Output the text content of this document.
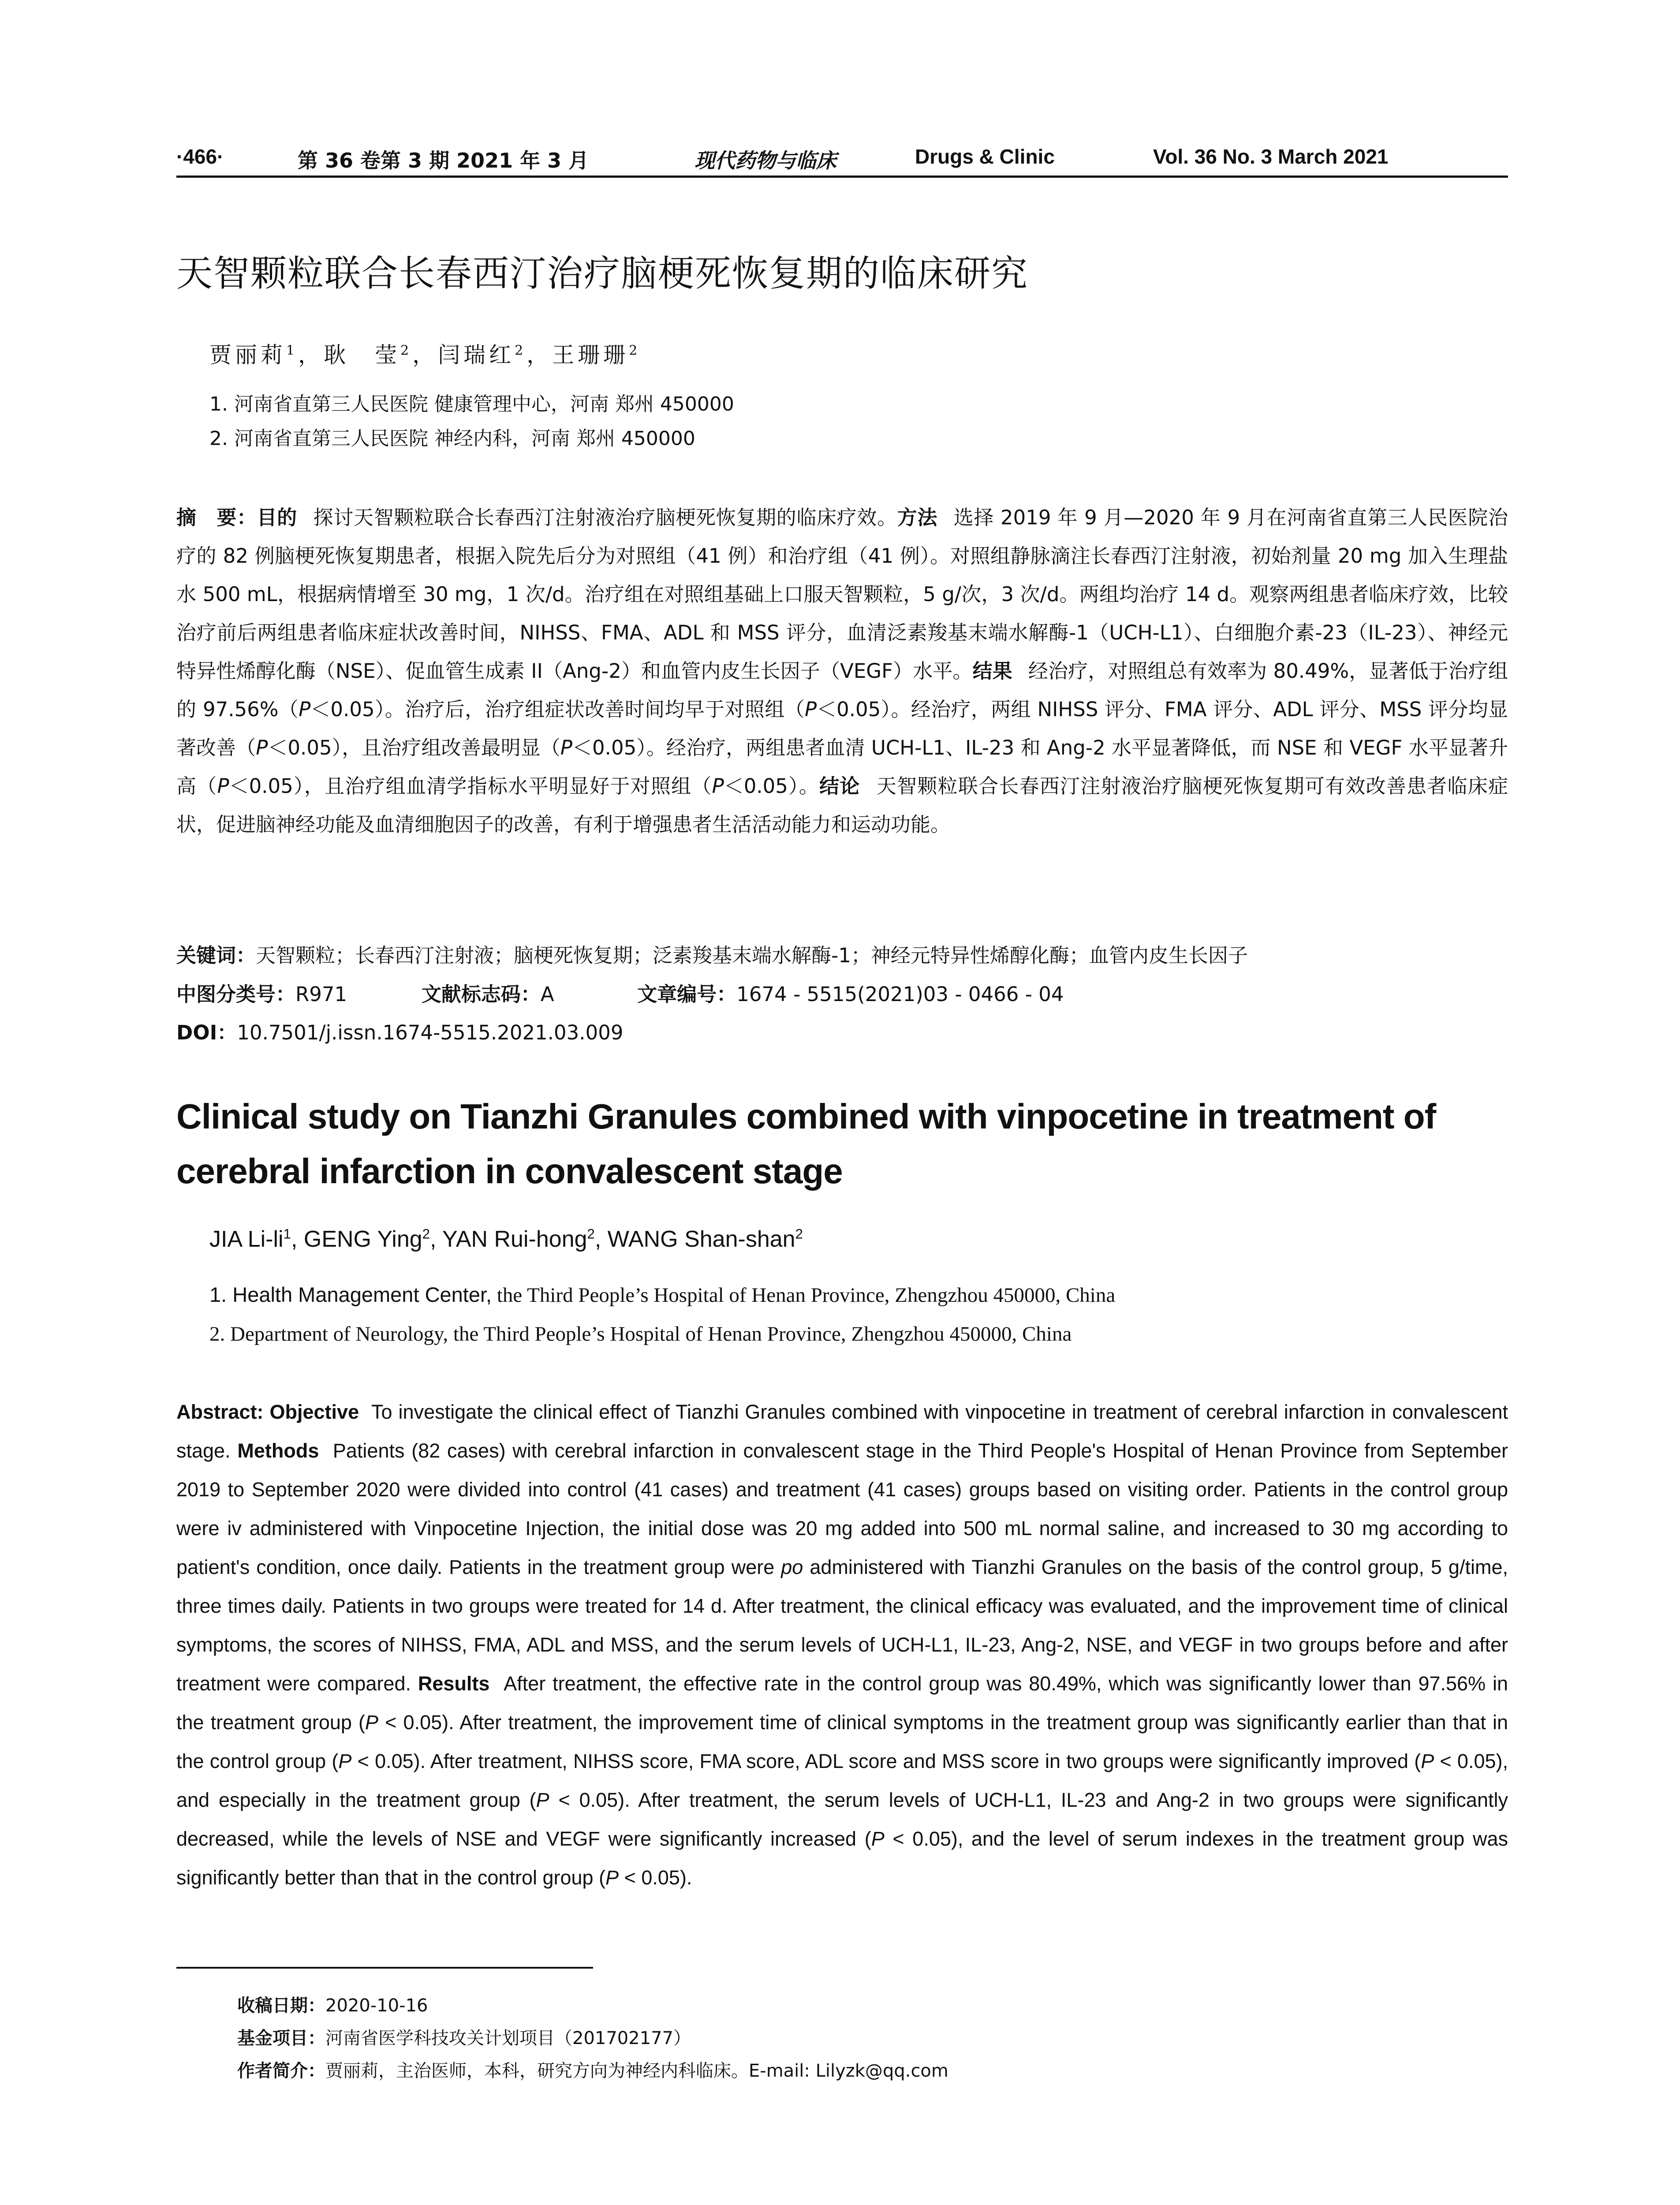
·466·	第 36 卷第 3 期 2021 年 3 月	现代药物与临床	Drugs & Clinic	Vol. 36 No. 3 March 2021
天智颗粒联合长春西汀治疗脑梗死恢复期的临床研究
贾丽莉$^1$，耿　莹$^2$，闫瑞红$^2$，王珊珊$^2$
1. 河南省直第三人民医院 健康管理中心，河南 郑州 450000
2. 河南省直第三人民医院 神经内科，河南 郑州 450000
摘　要：目的 探讨天智颗粒联合长春西汀注射液治疗脑梗死恢复期的临床疗效。方法 选择 2019 年 9 月—2020 年 9 月在河南省直第三人民医院治疗的 82 例脑梗死恢复期患者，根据入院先后分为对照组（41 例）和治疗组（41 例）。对照组静脉滴注长春西汀注射液，初始剂量 20 mg 加入生理盐水 500 mL，根据病情增至 30 mg，1 次/d。治疗组在对照组基础上口服天智颗粒，5 g/次，3 次/d。两组均治疗 14 d。观察两组患者临床疗效，比较治疗前后两组患者临床症状改善时间，NIHSS、FMA、ADL 和 MSS 评分，血清泛素羧基末端水解酶-1（UCH-L1）、白细胞介素-23（IL-23）、神经元特异性烯醇化酶（NSE）、促血管生成素 II（Ang-2）和血管内皮生长因子（VEGF）水平。结果 经治疗，对照组总有效率为 80.49%，显著低于治疗组的 97.56%（P＜0.05）。治疗后，治疗组症状改善时间均早于对照组（P＜0.05）。经治疗，两组 NIHSS 评分、FMA 评分、ADL 评分、MSS 评分均显著改善（P＜0.05），且治疗组改善最明显（P＜0.05）。经治疗，两组患者血清 UCH-L1、IL-23 和 Ang-2 水平显著降低，而 NSE 和 VEGF 水平显著升高（P＜0.05），且治疗组血清学指标水平明显好于对照组（P＜0.05）。结论 天智颗粒联合长春西汀注射液治疗脑梗死恢复期可有效改善患者临床症状，促进脑神经功能及血清细胞因子的改善，有利于增强患者生活活动能力和运动功能。
关键词：天智颗粒；长春西汀注射液；脑梗死恢复期；泛素羧基末端水解酶-1；神经元特异性烯醇化酶；血管内皮生长因子
中图分类号：R971	文献标志码：A	文章编号：1674 - 5515(2021)03 - 0466 - 04
DOI：10.7501/j.issn.1674-5515.2021.03.009
Clinical study on Tianzhi Granules combined with vinpocetine in treatment of cerebral infarction in convalescent stage
JIA $Li-li^1$, GENG Ying$^2$, YAN Rui-hong$^2$, WANG Shan-shan$^2$
1. Health Management Center, the Third People’s Hospital of Henan Province, Zhengzhou 450000, China
2. Department of Neurology, the Third People’s Hospital of Henan Province, Zhengzhou 450000, China
Abstract: Objective To investigate the clinical effect of Tianzhi Granules combined with vinpocetine in treatment of cerebral infarction in convalescent stage. Methods Patients (82 cases) with cerebral infarction in convalescent stage in the Third People's Hospital of Henan Province from September 2019 to September 2020 were divided into control (41 cases) and treatment (41 cases) groups based on visiting order. Patients in the control group were iv administered with Vinpocetine Injection, the initial dose was 20 mg added into 500 mL normal saline, and increased to 30 mg according to patient's condition, once daily. Patients in the treatment group were po administered with Tianzhi Granules on the basis of the control group, 5 g/time, three times daily. Patients in two groups were treated for 14 d. After treatment, the clinical efficacy was evaluated, and the improvement time of clinical symptoms, the scores of NIHSS, FMA, ADL and MSS, and the serum levels of UCH-L1, IL-23, Ang-2, NSE, and VEGF in two groups before and after treatment were compared. Results After treatment, the effective rate in the control group was 80.49%, which was significantly lower than 97.56% in the treatment group (P < 0.05). After treatment, the improvement time of clinical symptoms in the treatment group was significantly earlier than that in the control group (P < 0.05). After treatment, NIHSS score, FMA score, ADL score and MSS score in two groups were significantly improved (P < 0.05), and especially in the treatment group (P < 0.05). After treatment, the serum levels of UCH-L1, IL-23 and Ang-2 in two groups were significantly decreased, while the levels of NSE and VEGF were significantly increased (P < 0.05), and the level of serum indexes in the treatment group was significantly better than that in the control group (P < 0.05).
收稿日期：2020-10-16
基金项目：河南省医学科技攻关计划项目（201702177）
作者简介：贾丽莉，主治医师，本科，研究方向为神经内科临床。E-mail: Lilyzk@qq.com
